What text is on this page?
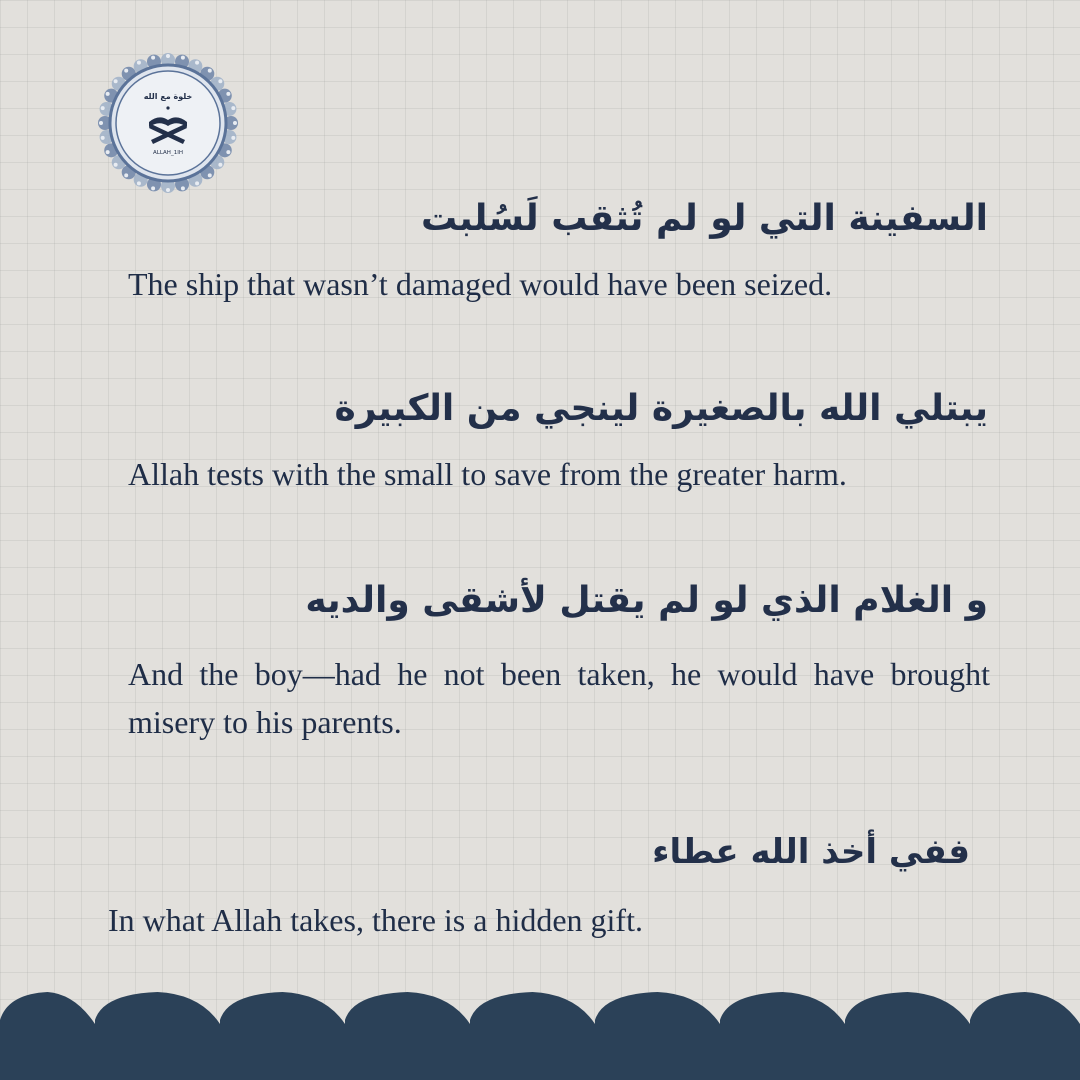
خلوة مع الله
ALLAH_1IH
السفينة التي لو لم تُثقب لَسُلبت
The ship that wasn’t damaged would have been seized.
يبتلي الله بالصغيرة لينجي من الكبيرة
Allah tests with the small to save from the greater harm.
و الغلام الذي لو لم يقتل لأشقى والديه
And the boy—had he not been taken, he would have brought misery to his parents.
ففي أخذ الله عطاء
In what Allah takes, there is a hidden gift.
